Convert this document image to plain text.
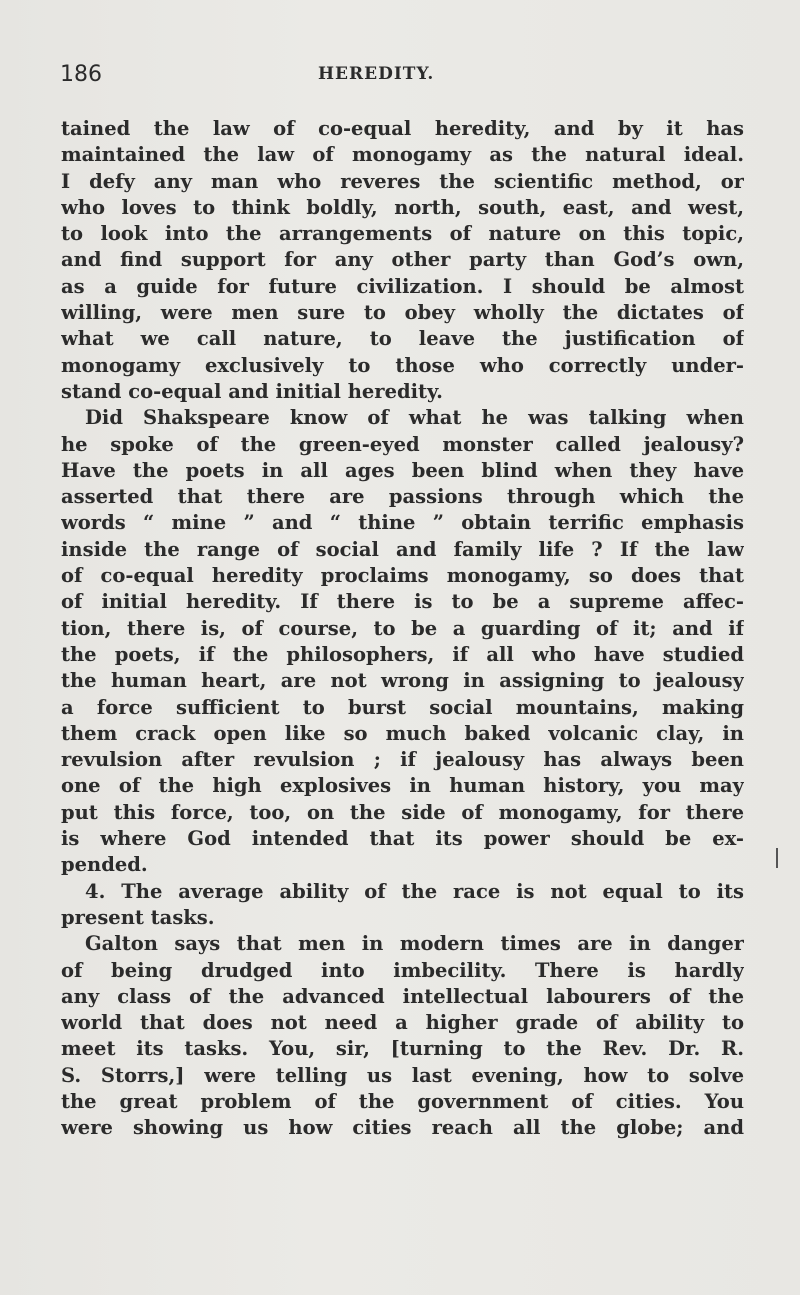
186	HEREDITY.
tained the law of co-equal heredity, and by it has
maintained the law of monogamy as the natural ideal.
I defy any man who reveres the scientific method, or
who loves to think boldly, north, south, east, and west,
to look into the arrangements of nature on this topic,
and find support for any other party than God’s own,
as a guide for future civilization. I should be almost
willing, were men sure to obey wholly the dictates of
what we call nature, to leave the justification of
monogamy exclusively to those who correctly under-
stand co-equal and initial heredity.
Did Shakspeare know of what he was talking when
he spoke of the green-eyed monster called jealousy?
Have the poets in all ages been blind when they have
asserted that there are passions through which the
words “ mine ” and “ thine ” obtain terrific emphasis
inside the range of social and family life ? If the law
of co-equal heredity proclaims monogamy, so does that
of initial heredity. If there is to be a supreme affec-
tion, there is, of course, to be a guarding of it; and if
the poets, if the philosophers, if all who have studied
the human heart, are not wrong in assigning to jealousy
a force sufficient to burst social mountains, making
them crack open like so much baked volcanic clay, in
revulsion after revulsion ; if jealousy has always been
one of the high explosives in human history, you may
put this force, too, on the side of monogamy, for there
is where God intended that its power should be ex-
pended.
4. The average ability of the race is not equal to its
present tasks.
Galton says that men in modern times are in danger
of being drudged into imbecility. There is hardly
any class of the advanced intellectual labourers of the
world that does not need a higher grade of ability to
meet its tasks. You, sir, [turning to the Rev. Dr. R.
S. Storrs,] were telling us last evening, how to solve
the great problem of the government of cities. You
were showing us how cities reach all the globe; and
